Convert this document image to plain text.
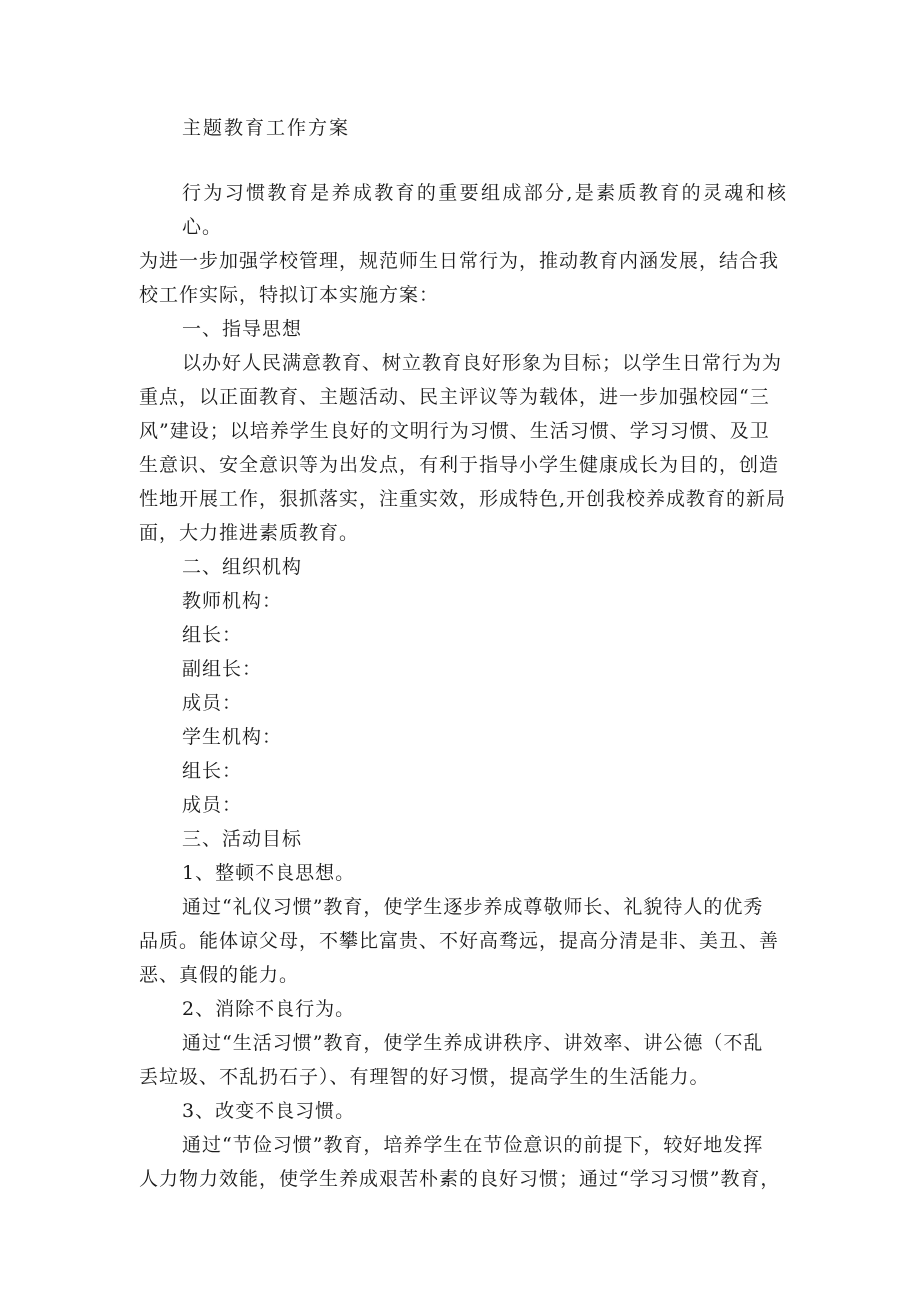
主题教育工作方案
行为习惯教育是养成教育的重要组成部分,是素质教育的灵魂和核心。
为进一步加强学校管理，规范师生日常行为，推动教育内涵发展，结合我
校工作实际，特拟订本实施方案：
一、指导思想
以办好人民满意教育、树立教育良好形象为目标；以学生日常行为为
重点，以正面教育、主题活动、民主评议等为载体，进一步加强校园“三
风”建设；以培养学生良好的文明行为习惯、生活习惯、学习习惯、及卫
生意识、安全意识等为出发点，有利于指导小学生健康成长为目的，创造
性地开展工作，狠抓落实，注重实效，形成特色,开创我校养成教育的新局
面，大力推进素质教育。
二、组织机构
教师机构：
组长：
副组长：
成员：
学生机构：
组长：
成员：
三、活动目标
1、整顿不良思想。
通过“礼仪习惯”教育，使学生逐步养成尊敬师长、礼貌待人的优秀
品质。能体谅父母，不攀比富贵、不好高骛远，提高分清是非、美丑、善
恶、真假的能力。
2、消除不良行为。
通过“生活习惯”教育，使学生养成讲秩序、讲效率、讲公德（不乱
丢垃圾、不乱扔石子）、有理智的好习惯，提高学生的生活能力。
3、改变不良习惯。
通过“节俭习惯”教育，培养学生在节俭意识的前提下，较好地发挥
人力物力效能，使学生养成艰苦朴素的良好习惯；通过“学习习惯”教育，
